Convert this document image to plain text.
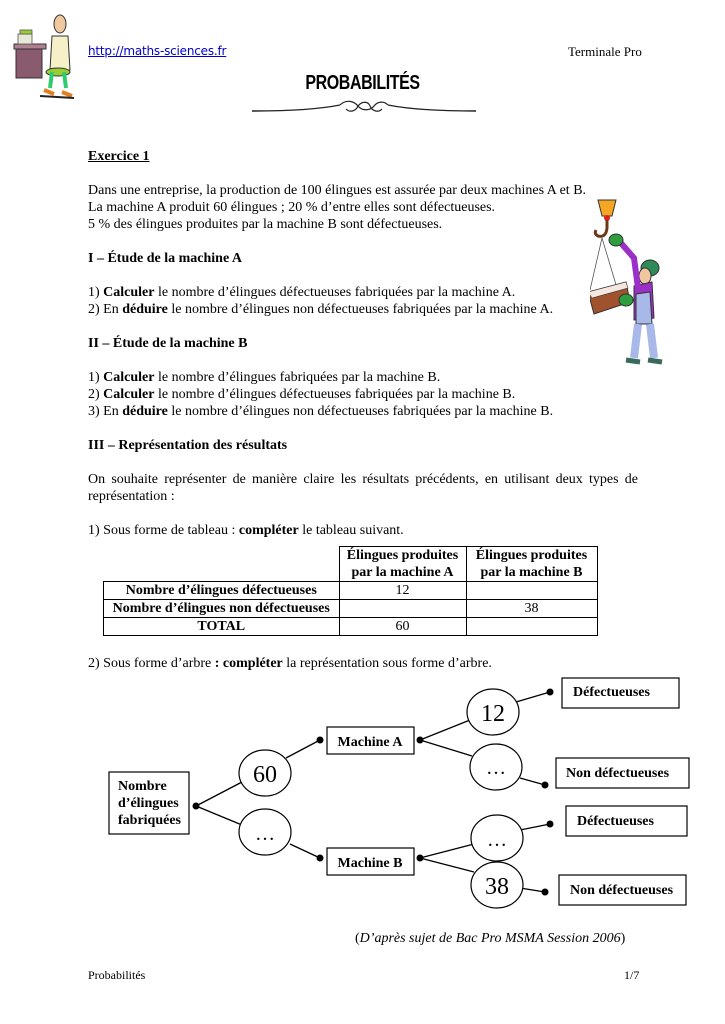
http://maths-sciences.fr	Terminale Pro
PROBABILITÉS
Exercice 1
Dans une entreprise, la production de 100 élingues est assurée par deux machines A et B.
La machine A produit 60 élingues ; 20 % d’entre elles sont défectueuses.
5 % des élingues produites par la machine B sont défectueuses.
I – Étude de la machine A
1) Calculer le nombre d’élingues défectueuses fabriquées par la machine A.
2) En déduire le nombre d’élingues non défectueuses fabriquées par la machine A.
II – Étude de la machine B
1) Calculer le nombre d’élingues fabriquées par la machine B.
2) Calculer le nombre d’élingues défectueuses fabriquées par la machine B.
3) En déduire le nombre d’élingues non défectueuses fabriquées par la machine B.
III – Représentation des résultats
On souhaite représenter de manière claire les résultats précédents, en utilisant deux types de
représentation :
1) Sous forme de tableau : compléter le tableau suivant.
	Élingues produites
par la machine A	Élingues produites
par la machine B
Nombre d’élingues défectueuses	12	
Nombre d’élingues non défectueuses		38
TOTAL	60	
2) Sous forme d’arbre : compléter la représentation sous forme d’arbre.
Nombre
d’élingues
fabriquées
60
…
Machine A
Machine B
12
…
…
38
Défectueuses
Non défectueuses
Défectueuses
Non défectueuses
(D’après sujet de Bac Pro MSMA Session 2006)
Probabilités	1/7
